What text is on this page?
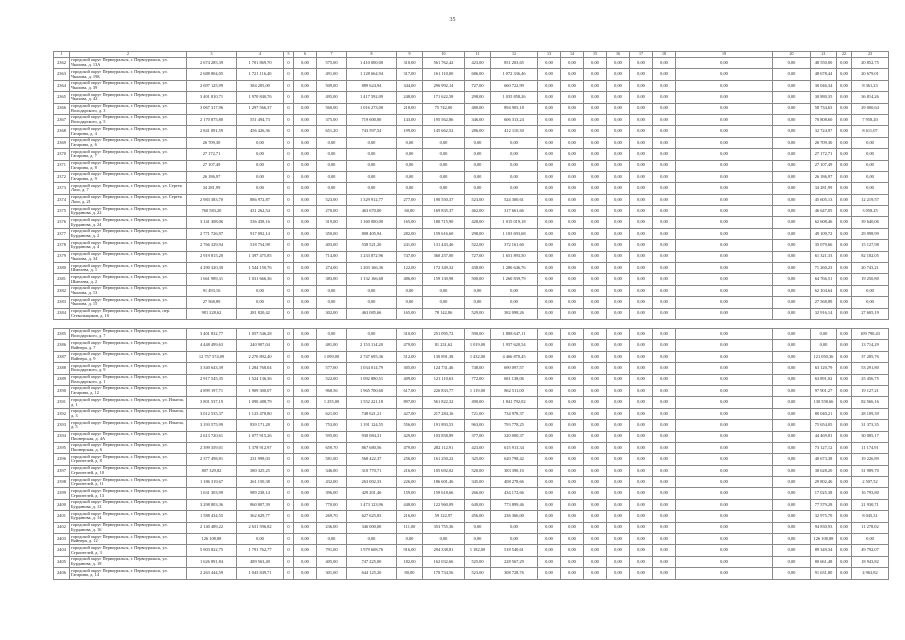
35
1	2	3	4	5	6	7	8	9	10	11	12	13	14	15	16	17	18	19	20	21	22	23
2362	городской округ Первоуральск, г. Первоуральск, ул. Чкалова, д. 13А	2 674 285,39	1 701 869,70	0	0,00	575,00	1 410 000,00	310,00	561 762,42	423,00	851 203,65	0,00	0,00	0,00	0,00	0,00	0,00	0,00	0,00	48 550,00	0,00	20 852,75
2363	городской округ Первоуральск, г. Первоуральск, ул. Чкалова, д. 19Б	2 688 804,05	1 721 116,40	0	0,00	491,00	1 128 664,94	317,00	161 110,00	686,00	1 072 336,46	0,00	0,00	0,00	0,00	0,00	0,00	0,00	0,00	48 678,44	0,00	20 679,01
2364	городской округ Первоуральск, г. Первоуральск, ул. Чкалова, д. 39	2 697 125,99	384 205,00	0	0,00	509,00	889 624,94	344,00	296 992,14	727,00	660 722,99	0,00	0,00	0,00	0,00	0,00	0,00	0,00	0,00	30 046,34	0,00	8 361,23
2365	городской округ Первоуральск, г. Первоуральск, ул. Чкалова, д. 42	3 401 810,71	1 970 840,76	0	0,00	495,00	1 417 592,09	248,00	171 622,58	298,00	1 035 858,26	0,00	0,00	0,00	0,00	0,00	0,00	0,00	0,00	30 880,35	0,00	36 814,26
2366	городской округ Первоуральск, г. Первоуральск, ул. Володарского, д. 3	3 067 317,96	1 297 566,37	0	0,00	560,00	1 016 273,00	218,00	75 742,00	480,00	894 905,18	0,00	0,00	0,00	0,00	0,00	0,00	0,00	0,00	58 734,63	0,00	29 000,64
2367	городской округ Первоуральск, г. Первоуральск, ул. Володарского, д. 5	2 170 875,80	551 494,73	0	0,00	375,00	719 600,00	143,00	195 562,86	346,00	606 313,24	0,00	0,00	0,00	0,00	0,00	0,00	0,00	0,00	70 808,60	0,00	7 958,20
2368	городской округ Первоуральск, г. Первоуральск, ул. Гагарина, д. 4	2 841 091,59	456 426,36	0	0,00	651,20	743 597,54	199,00	145 662,52	286,00	412 110,30	0,00	0,00	0,00	0,00	0,00	0,00	0,00	0,00	32 724,97	0,00	8 611,07
2369	городской округ Первоуральск, г. Первоуральск, ул. Гагарина, д. 6	26 709,30	0,00	0	0,00	0,00	0,00	0,00	0,00	0,00	0,00	0,00	0,00	0,00	0,00	0,00	0,00	0,00	0,00	26 709,30	0,00	0,00
2370	городской округ Первоуральск, г. Первоуральск, ул. Гагарина, д. 7	27 172,71	0,00	0	0,00	0,00	0,00	0,00	0,00	0,00	0,00	0,00	0,00	0,00	0,00	0,00	0,00	0,00	0,00	27 172,71	0,00	0,00
2371	городской округ Первоуральск, г. Первоуральск, ул. Гагарина, д. 8	27 107,49	0,00	0	0,00	0,00	0,00	0,00	0,00	0,00	0,00	0,00	0,00	0,00	0,00	0,00	0,00	0,00	0,00	27 107,49	0,00	0,00
2372	городской округ Первоуральск, г. Первоуральск, ул. Гагарина, д. 9	26 186,97	0,00	0	0,00	0,00	0,00	0,00	0,00	0,00	0,00	0,00	0,00	0,00	0,00	0,00	0,00	0,00	0,00	26 186,97	0,00	0,00
2373	городской округ Первоуральск, г. Первоуральск, ул. Сергея Лазо, д. 7	34 281,99	0,00	0	0,00	0,00	0,00	0,00	0,00	0,00	0,00	0,00	0,00	0,00	0,00	0,00	0,00	0,00	0,00	34 281,99	0,00	0,00
2374	городской округ Первоуральск, г. Первоуральск, ул. Сергея Лазо, д. 21	2 983 383,70	886 972,87	0	0,00	523,00	1 329 912,77	277,00	190 550,37	523,00	524 300,61	0,00	0,00	0,00	0,00	0,00	0,00	0,00	0,00	45 605,13	0,00	12 219,57
2375	городской округ Первоуральск, г. Первоуральск, ул. Бурданова, д. 22	760 583,20	431 262,54	0	0,00	270,00	463 670,00	60,00	169 835,37	462,00	317 661,66	0,00	0,00	0,00	0,00	0,00	0,00	0,00	0,00	46 647,05	0,00	3 058,25
2376	городской округ Первоуральск, г. Первоуральск, ул. Бурданова, д. 24	3 141 308,06	536 458,16	0	0,00	319,00	1 160 000,00	165,00	180 715,90	428,00	1 015 019,18	0,00	0,00	0,00	0,00	0,00	0,00	0,00	0,00	62 608,46	0,00	39 640,06
2377	городской округ Первоуральск, г. Первоуральск, ул. Бурданова, д. 2	2 771 726,97	917 092,14	0	0,00	350,00	808 405,94	282,00	159 616,60	298,00	1 103 693,68	0,00	0,00	0,00	0,00	0,00	0,00	0,00	0,00	49 109,72	0,00	29 998,99
2378	городской округ Первоуральск, г. Первоуральск, ул. Бурданова, д. 4	2 766 329,94	518 754,98	0	0,00	403,00	538 521,20	241,00	131 443,46	522,00	372 161,60	0,00	0,00	0,00	0,00	0,00	0,00	0,00	0,00	35 079,66	0,00	15 127,98
2379	городской округ Первоуральск, г. Первоуральск, ул. Чкалова, д. 34	2 919 815,20	1 397 475,85	0	0,00	714,00	1 233 872,96	747,00	360 257,00	727,00	1 651 893,50	0,00	0,00	0,00	0,00	0,00	0,00	0,00	0,00	61 321,33	0,00	82 182,05
2380	городской округ Первоуральск, г. Первоуральск, ул. Шмелева, д. 1	4 290 320,30	1 544 150,76	0	0,00	274,00	1 203 166,36	122,00	172 349,32	438,00	1 286 646,76	0,00	0,00	0,00	0,00	0,00	0,00	0,00	0,00	71 260,23	0,00	20 743,21
2381	городской округ Первоуральск, г. Первоуральск, ул. Шмелева, д. 2	1 661 989,31	1 031 666,36	0	0,00	383,00	1 132 166,68	486,00	159 130,98	500,00	1 260 839,79	0,00	0,00	0,00	0,00	0,00	0,00	0,00	0,00	64 766,51	0,00	19 250,80
2382	городской округ Первоуральск, г. Первоуральск, ул. Чкалова, д. 13	91 493,16	0,00	0	0,00	0,00	0,00	0,00	0,00	0,00	0,00	0,00	0,00	0,00	0,00	0,00	0,00	0,00	0,00	62 104,64	0,00	0,00
2383	городской округ Первоуральск, г. Первоуральск, ул. Чкалова, д. 15	27 568,89	0,00	0	0,00	0,00	0,00	0,00	0,00	0,00	0,00	0,00	0,00	0,00	0,00	0,00	0,00	0,00	0,00	27 568,89	0,00	0,00
2384	городской округ Первоуральск, г. Первоуральск, пер. Стекольщиков, д. 10	981 228,62	281 820,42	0	0,00	302,00	463 085,66	165,00	78 142,86	529,00	382 098,26	0,00	0,00	0,00	0,00	0,00	0,00	0,00	0,00	32 916,14	0,00	27 605,19

2385	городской округ Первоуральск, г. Первоуральск, ул. Володарского, д. 7	3 401 832,77	1 057 546,28	0	0,00	0,00	0,00	310,00	251 095,72	590,00	1 808 647,11	0,00	0,00	0,00	0,00	0,00	0,00	0,00	0,00	0,00	0,00	109 790,43
2386	городской округ Первоуральск, г. Первоуральск, ул. Вайнера, д. 7	4 448 499,63	240 907,04	0	0,00	481,00	2 153 114,20	479,00	81 231,62	1 019,00	1 957 620,54	0,00	0,00	0,00	0,00	0,00	0,00	0,00	0,00	0,00	0,00	13 714,29
2387	городской округ Первоуральск, г. Первоуральск, ул. Вайнера, д. 9	12 757 574,09	2 270 892,40	0	0,00	1 099,00	2 747 695,36	512,00	130 891,38	1 432,00	4 466 870,45	0,00	0,00	0,00	0,00	0,00	0,00	0,00	0,00	121 050,36	0,00	37 285,76
2388	городской округ Первоуральск, г. Первоуральск, ул. Володарского, д. 9	3 340 643,39	1 284 768,04	0	0,00	577,00	1 034 014,79	305,00	124 731,46	748,00	690 097,57	0,00	0,00	0,00	0,00	0,00	0,00	0,00	0,00	63 120,79	0,00	53 291,80
2389	городской округ Первоуральск, г. Первоуральск, ул. Володарского, д. 1	2 917 545,35	1 524 136,36	0	0,00	522,00	1 092 880,51	409,00	121 110,63	772,00	681 138,06	0,00	0,00	0,00	0,00	0,00	0,00	0,00	0,00	63 891,02	0,00	25 456,75
2390	городской округ Первоуральск, г. Первоуральск, ул. Гагарина, д. 12	4 899 197,71	1 909 300,07	0	0,00	968,56	1 965 700,60	617,00	226 833,77	1 119,00	862 511,00	0,00	0,00	0,00	0,00	0,00	0,00	0,00	0,00	97 901,27	0,00	19 127,21
2391	городской округ Первоуральск, г. Первоуральск, ул. Ильича, д. 1	3 801 537,19	1 090 488,79	0	0,00	1 255,00	1 552 221,18	897,00	561 822,32	490,00	1 841 792,02	0,00	0,00	0,00	0,00	0,00	0,00	0,00	0,00	130 558,66	0,00	82 566,16
2392	городской округ Первоуральск, г. Первоуральск, ул. Ильича, д. 3	3 012 535,37	1 123 478,80	0	0,00	621,00	748 621,21	427,00	217 284,16	721,00	734 978,37	0,00	0,00	0,00	0,00	0,00	0,00	0,00	0,00	80 040,21	0,00	28 109,39
2393	городской округ Первоуральск, г. Первоуральск, ул. Ильича, д. 5	3 193 575,99	839 171,28	0	0,00	753,00	1 191 124,55	556,00	191 893,53	963,00	793 778,25	0,00	0,00	0,00	0,00	0,00	0,00	0,00	0,00	75 654,05	0,00	31 373,35
2394	городской округ Первоуральск, г. Первоуральск, ул. Пионерская, д. 4А	2 613 720,61	1 077 915,26	0	0,00	595,00	930 084,31	429,00	103 858,89	377,00	320 000,37	0,00	0,00	0,00	0,00	0,00	0,00	0,00	0,00	44 469,81	0,00	30 085,17
2395	городской округ Первоуральск, г. Первоуральск, ул. Пионерская, д. 6	2 399 359,01	1 378 912,97	0	0,00	659,70	867 680,56	479,00	282 112,91	423,00	615 913,34	0,00	0,00	0,00	0,00	0,00	0,00	0,00	0,00	73 127,12	0,00	11 174,91
2396	городской округ Первоуральск, г. Первоуральск, ул. Строителей, д. 8	2 377 498,81	231 998,03	0	0,00	581,00	568 422,37	256,00	161 250,22	325,00	620 798,42	0,00	0,00	0,00	0,00	0,00	0,00	0,00	0,00	40 673,38	0,00	19 226,89
2397	городской округ Первоуральск, г. Первоуральск, ул. Строителей, д. 10	807 329,82	380 325,25	0	0,00	346,00	310 770,71	216,00	105 692,02	520,00	383 390,10	0,00	0,00	0,00	0,00	0,00	0,00	0,00	0,00	38 628,20	0,00	31 989,70
2398	городской округ Первоуральск, г. Первоуральск, ул. Строителей, д. 11	1 186 319,67	261 150,38	0	0,00	432,00	263 002,33	226,00	186 601,46	345,00	408 278,66	0,00	0,00	0,00	0,00	0,00	0,00	0,00	0,00	29 802,46	0,00	2 507,52
2399	городской округ Первоуральск, г. Первоуральск, ул. Строителей, д. 13	1 631 303,99	989 238,14	0	0,00	396,00	429 201,46	159,00	159 618,66	266,00	434 172,66	0,00	0,00	0,00	0,00	0,00	0,00	0,00	0,00	17 025,38	0,00	16 793,80
2400	городской округ Первоуральск, г. Первоуральск, ул. Бурданова, д. 12	3 298 803,36	860 807,39	0	0,00	770,00	1 473 123,96	448,00	122 960,09	649,00	773 899,46	0,00	0,00	0,00	0,00	0,00	0,00	0,00	0,00	77 579,28	0,00	21 930,71
2401	городской округ Первоуральск, г. Первоуральск, ул. Бурданова, д. 14	1 588 434,55	362 629,77	0	0,00	269,70	627 625,83	216,00	59 122,97	456,00	236 366,00	0,00	0,00	0,00	0,00	0,00	0,00	0,00	0,00	32 975,70	0,00	8 045,31
2402	городской округ Первоуральск, г. Первоуральск, ул. Бурданова, д. 16	2 140 489,22	2 631 596,82	0	0,00	236,00	346 000,00	111,00	353 755,36	0,00	0,00	0,00	0,00	0,00	0,00	0,00	0,00	0,00	0,00	94 830,93	0,00	11 278,02
2403	городской округ Первоуральск, г. Первоуральск, ул. Вайнера, д. 12	126 108,88	0,00	0	0,00	0,00	0,00	0,00	0,00	0,00	0,00	0,00	0,00	0,00	0,00	0,00	0,00	0,00	0,00	126 108,88	0,00	0,00
2404	городской округ Первоуральск, г. Первоуральск, ул. Строителей, д. 3	5 903 822,75	1 791 762,77	0	0,00	791,00	1 979 608,76	916,00	294 338,81	1 182,00	518 540,61	0,00	0,00	0,00	0,00	0,00	0,00	0,00	0,00	89 349,34	0,00	49 792,07
2405	городской округ Первоуральск, г. Первоуральск, ул. Бурданова, д. 18	1 626 891,84	489 563,49	0	0,00	405,00	747 225,00	182,00	162 032,66	525,00	228 567,29	0,00	0,00	0,00	0,00	0,00	0,00	0,00	0,00	80 661,48	0,00	18 943,82
2406	городской округ Первоуральск, г. Первоуральск, ул. Гагарина, д. 14	2 263 444,59	1 043 849,71	0	0,00	301,00	644 125,20	80,00	170 734,56	523,00	308 728,76	0,00	0,00	0,00	0,00	0,00	0,00	0,00	0,00	91 631,80	0,00	4 963,82
